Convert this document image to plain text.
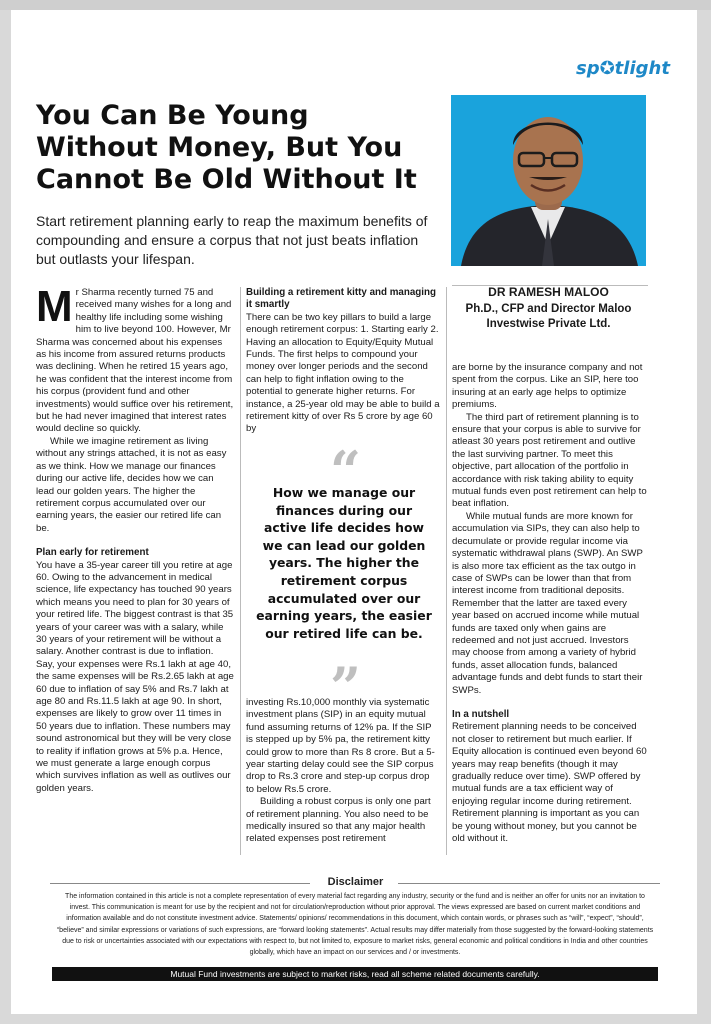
sp✪tlight
You Can Be Young Without Money, But You Cannot Be Old Without It

Start retirement planning early to reap the maximum benefits of compounding and ensure a corpus that not just beats inflation but outlasts your lifespan.

DR RAMESH MALOO
Ph.D., CFP and Director Maloo Investwise Private Ltd.
M r Sharma recently turned 75 and received many wishes for a long and healthy life including some wishing him to live beyond 100. However, Mr Sharma was concerned about his expenses as his income from assured returns products was declining. When he retired 15 years ago, he was confident that the interest income from his corpus (provident fund and other investments) would suffice over his retirement, but he had never imagined that interest rates would decline so quickly.

While we imagine retirement as living without any strings attached, it is not as easy as we think. How we manage our finances during our active life, decides how we can lead our golden years. The higher the retirement corpus accumulated over our earning years, the easier our retired life can be.

Plan early for retirement

You have a 35-year career till you retire at age 60. Owing to the advancement in medical science, life expectancy has touched 90 years which means you need to plan for 30 years of your retired life. The biggest contrast is that 35 years of your career was with a salary, while 30 years of your retirement will be without a salary. Another contrast is due to inflation. Say, your expenses were Rs.1 lakh at age 40, the same expenses will be Rs.2.65 lakh at age 60 due to inflation of say 5% and Rs.7 lakh at age 80 and Rs.11.5 lakh at age 90. In short, expenses are likely to grow over 11 times in 50 years due to inflation. These numbers may sound astronomical but they will be very close to reality if inflation grows at 5% p.a. Hence, we must generate a large enough corpus which survives inflation as well as outlives our golden years.

Building a retirement kitty and managing it smartly

There can be two key pillars to build a large enough retirement corpus: 1. Starting early 2. Having an allocation to Equity/Equity Mutual Funds. The first helps to compound your money over longer periods and the second can help to fight inflation owing to the potential to generate higher returns. For instance, a 25-year old may be able to build a retirement kitty of over Rs 5 crore by age 60 by

“

How we manage our finances during our active life decides how we can lead our golden years. The higher the retirement corpus accumulated over our earning years, the easier our retired life can be.

”

investing Rs.10,000 monthly via systematic investment plans (SIP) in an equity mutual fund assuming returns of 12% pa. If the SIP is stepped up by 5% pa, the retirement kitty could grow to more than Rs 8 crore. But a 5-year starting delay could see the SIP corpus drop to Rs.3 crore and step-up corpus drop to below Rs.5 crore.

Building a robust corpus is only one part of retirement planning. You also need to be medically insured so that any major health related expenses post retirement

are borne by the insurance company and not spent from the corpus. Like an SIP, here too insuring at an early age helps to optimize premiums.

The third part of retirement planning is to ensure that your corpus is able to survive for atleast 30 years post retirement and outlive the last surviving partner. To meet this objective, part allocation of the portfolio in accordance with risk taking ability to equity mutual funds even post retirement can help to beat inflation.

While mutual funds are more known for accumulation via SIPs, they can also help to decumulate or provide regular income via systematic withdrawal plans (SWP). An SWP is also more tax efficient as the tax outgo in case of SWPs can be lower than that from interest income from traditional deposits. Remember that the latter are taxed every year based on accrued income while mutual funds are taxed only when gains are redeemed and not just accrued. Investors may choose from among a variety of hybrid funds, asset allocation funds, balanced advantage funds and debt funds to start their SWPs.

In a nutshell

Retirement planning needs to be conceived not closer to retirement but much earlier. If Equity allocation is continued even beyond 60 years may reap benefits (though it may gradually reduce over time). SWP offered by mutual funds are a tax efficient way of enjoying regular income during retirement. Retirement planning is important as you can be young without money, but you cannot be old without it.

Disclaimer

The information contained in this article is not a complete representation of every material fact regarding any industry, security or the fund and is neither an offer for units nor an invitation to invest. This communication is meant for use by the recipient and not for circulation/reproduction without prior approval. The views expressed are based on current market conditions and information available and do not constitute investment advice. Statements/ opinions/ recommendations in this document, which contain words, or phrases such as “will”, “expect”, “should”, “believe” and similar expressions or variations of such expressions, are “forward looking statements”. Actual results may differ materially from those suggested by the forward-looking statements due to risk or uncertainties associated with our expectations with respect to, but not limited to, exposure to market risks, general economic and political conditions in India and other countries globally, which have an impact on our services and / or investments.

Mutual Fund investments are subject to market risks, read all scheme related documents carefully.
